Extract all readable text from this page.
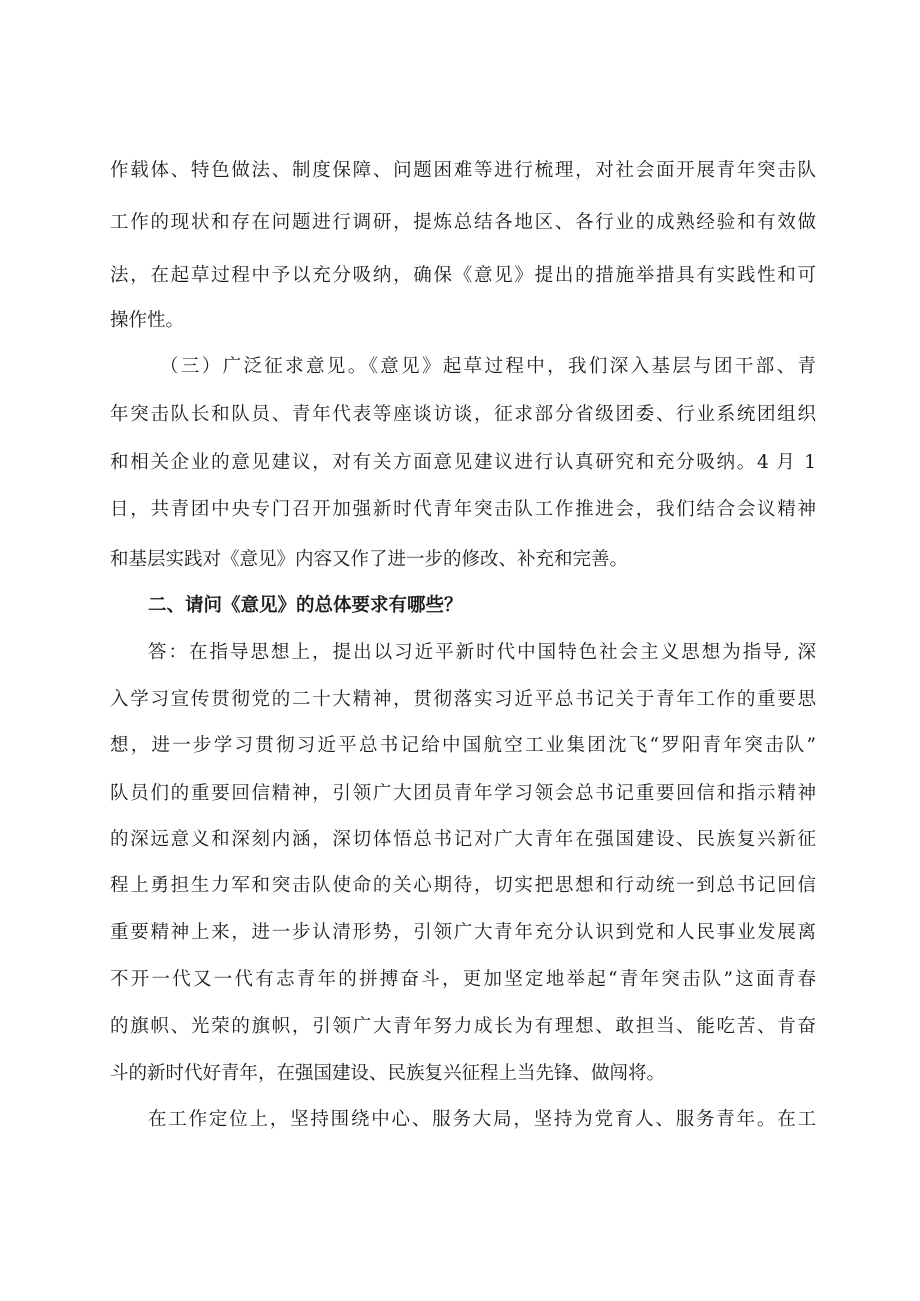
作载体、特色做法、制度保障、问题困难等进行梳理，对社会面开展青年突击队
工作的现状和存在问题进行调研，提炼总结各地区、各行业的成熟经验和有效做
法，在起草过程中予以充分吸纳，确保《意见》提出的措施举措具有实践性和可
操作性。
（三）广泛征求意见。《意见》起草过程中，我们深入基层与团干部、青
年突击队长和队员、青年代表等座谈访谈，征求部分省级团委、行业系统团组织
和相关企业的意见建议，对有关方面意见建议进行认真研究和充分吸纳。4 月 1
日，共青团中央专门召开加强新时代青年突击队工作推进会，我们结合会议精神
和基层实践对《意见》内容又作了进一步的修改、补充和完善。
二、请问《意见》的总体要求有哪些？
答：在指导思想上，提出以习近平新时代中国特色社会主义思想为指导, 深
入学习宣传贯彻党的二十大精神，贯彻落实习近平总书记关于青年工作的重要思
想，进一步学习贯彻习近平总书记给中国航空工业集团沈飞“罗阳青年突击队”
队员们的重要回信精神，引领广大团员青年学习领会总书记重要回信和指示精神
的深远意义和深刻内涵，深切体悟总书记对广大青年在强国建设、民族复兴新征
程上勇担生力军和突击队使命的关心期待，切实把思想和行动统一到总书记回信
重要精神上来，进一步认清形势，引领广大青年充分认识到党和人民事业发展离
不开一代又一代有志青年的拼搏奋斗，更加坚定地举起“青年突击队”这面青春
的旗帜、光荣的旗帜，引领广大青年努力成长为有理想、敢担当、能吃苦、肯奋
斗的新时代好青年，在强国建设、民族复兴征程上当先锋、做闯将。
在工作定位上，坚持围绕中心、服务大局，坚持为党育人、服务青年。在工
